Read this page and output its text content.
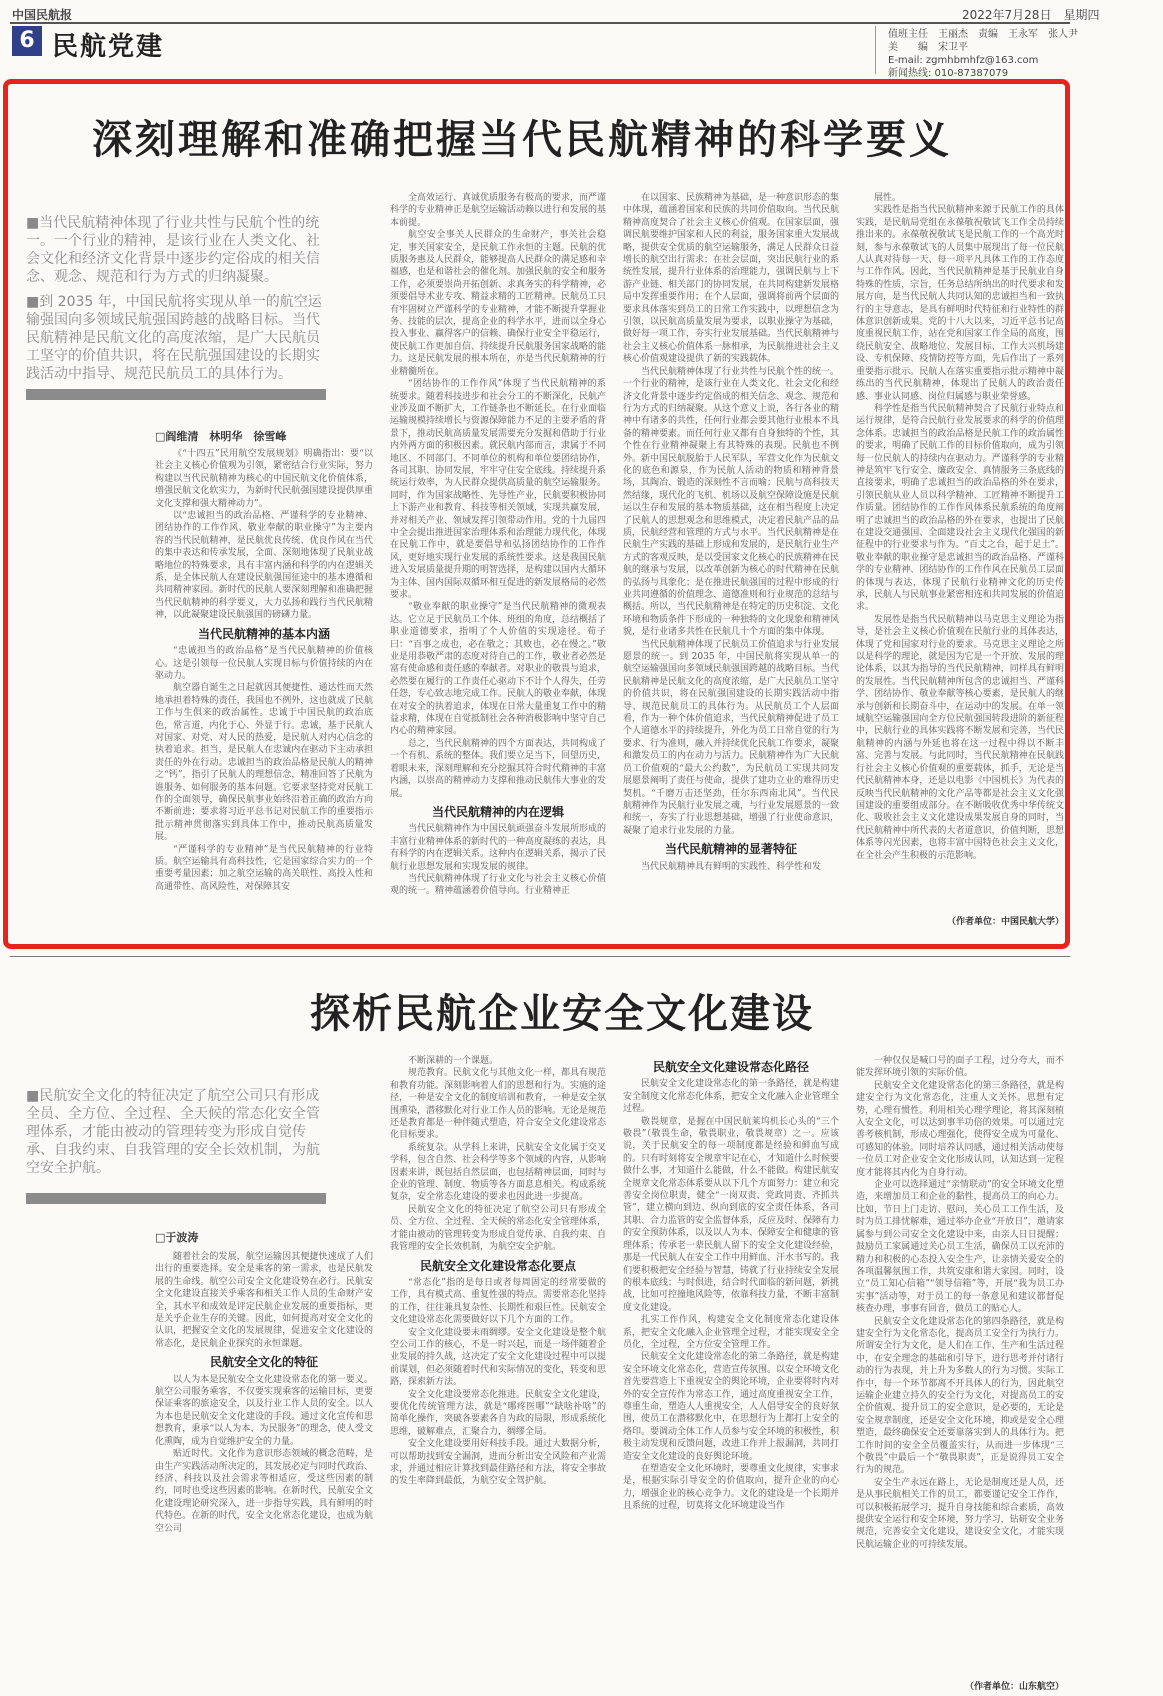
中国民航报	2022年7月28日　星期四
6 民航党建	值班主任　王丽杰　责编　王永军　张人尹
美　　编　宋卫平
E-mail: zgmhbmhfz@163.com
新闻热线: 010-87387079
深刻理解和准确把握当代民航精神的科学要义
■当代民航精神体现了行业共性与民航个性的统一。一个行业的精神，是该行业在人类文化、社会文化和经济文化背景中逐步约定俗成的相关信念、观念、规范和行为方式的归纳凝聚。
■到 2035 年，中国民航将实现从单一的航空运输强国向多领域民航强国跨越的战略目标。当代民航精神是民航文化的高度浓缩，是广大民航员工坚守的价值共识，将在民航强国建设的长期实践活动中指导、规范民航员工的具体行为。
□阎维清　林明华　徐雪峰

《“十四五”民用航空发展规划》明确指出：要“以社会主义核心价值观为引领，紧密结合行业实际，努力构建以当代民航精神为核心的中国民航文化价值体系，增强民航文化软实力，为新时代民航强国建设提供厚重文化支撑和强大精神动力”。

以“忠诚担当的政治品格、严谨科学的专业精神、团结协作的工作作风、敬业奉献的职业操守”为主要内容的当代民航精神，是民航优良传统、优良作风在当代的集中表达和传承发展，全面、深刻地体现了民航业战略地位的特殊要求，具有丰富内涵和科学的内在逻辑关系，是全体民航人在建设民航强国征途中的基本遵循和共同精神家园。新时代的民航人要深刻理解和准确把握当代民航精神的科学要义，大力弘扬和践行当代民航精神，以此凝聚建设民航强国的磅礴力量。

当代民航精神的基本内涵

“忠诚担当的政治品格”是当代民航精神的价值核心。这是引领每一位民航人实现目标与价值持续的内在驱动力。

航空器自诞生之日起就因其便捷性、通达性而天然地承担着特殊的责任，我国也不例外，这也就成了民航工作与生俱来的政治属性。忠诚于中国民航的政治底色，常言道，内化于心、外显于行。忠诚，基于民航人对国家、对党、对人民的热爱，是民航人对内心信念的执着追求。担当，是民航人在忠诚内在驱动下主动承担责任的外在行动。忠诚担当的政治品格是民航人的精神之“钙”，指引了民航人的理想信念，精准回答了民航为谁服务、如何服务的基本问题。它要求坚持党对民航工作的全面领导，确保民航事业始终沿着正确的政治方向不断前进；要求将习近平总书记对民航工作的重要指示批示精神贯彻落实到具体工作中，推动民航高质量发展。

“严谨科学的专业精神”是当代民航精神的行业特质。航空运输具有高科技性，它是国家综合实力的一个重要考量因素；加之航空运输的高关联性、高投入性和高通带性、高风险性，对保障其安

全高效运行、真诚优质服务有极高的要求，而严谨科学的专业精神正是航空运输活动赖以进行和发展的基本前提。

航空安全事关人民群众的生命财产，事关社会稳定，事关国家安全，是民航工作永恒的主题。民航的优质服务惠及人民群众，能够提高人民群众的满足感和幸福感，也是和谐社会的催化剂。加强民航的安全和服务工作，必须要崇尚开拓创新、求真务实的科学精神，必须要倡导术业专攻、精益求精的工匠精神。民航员工只有牢固树立严谨科学的专业精神，才能不断提升掌握业务、技能的层次，提高企业的科学水平，进而以全身心投入事业、赢得客户的信赖、确保行业安全平稳运行，使民航工作更加自信、持续提升民航服务国家战略的能力。这是民航发展的根本所在，亦是当代民航精神的行业精髓所在。

“团结协作的工作作风”体现了当代民航精神的系统要求。随着科技进步和社会分工的不断深化，民航产业涉及面不断扩大，工作链条也不断延长。在行业面临运输规模持续增长与资源保障能力不足的主要矛盾的背景下，推动民航高质量发展需要充分发掘和借助于行业内外两方面的积极因素。就民航内部而言，隶属于不同地区、不同部门、不同单位的机构和单位要团结协作，各司其职、协同发展，牢牢守住安全底线。持续提升系统运行效率，为人民群众提供高质量的航空运输服务。同时，作为国家战略性、先导性产业，民航要积极协同上下游产业和教育、科技等相关领域，实现共赢发展，并对相关产业、领域发挥引领带动作用。党的十九届四中全会提出推进国家治理体系和治理能力现代化，体现在民航工作中，就是要倡导和弘扬团结协作的工作作风，更好地实现行业发展的系统性要求。这是我国民航进入发展质量提升期的明智选择，是构建以国内大循环为主体、国内国际双循环相互促进的新发展格局的必然要求。

“敬业奉献的职业操守”是当代民航精神的微观表达。它立足于民航员工个体、班组的角度，总结概括了职业道德要求，指明了个人价值的实现途径。荀子曰：“百事之成也，必在敬之；其败也，必在慢之。”敬业是用恭敬严肃的态度对待自己的工作，敬业者必然是富有使命感和责任感的奉献者。对职业的敬畏与追求，必然要在履行的工作责任心驱动下不计个人得失，任劳任怨，专心致志地完成工作。民航人的敬业奉献，体现在对安全的执着追求，体现在日常大量重复工作中的精益求精，体现在自觉抵制社会各种消极影响中坚守自己内心的精神家园。

总之，当代民航精神的四个方面表达，共同构成了一个有机、系统的整体。我们要立足当下，回望历史，着眼未来，深刻理解和充分挖掘其符合时代精神的丰富内涵，以崇高的精神动力支撑和推动民航伟大事业的发展。

当代民航精神的内在逻辑

当代民航精神作为中国民航顽强奋斗发展所形成的丰富行业精神体系的新时代的一种高度凝练的表达，具有科学的内在逻辑关系。这种内在逻辑关系，揭示了民航行业思想发展和实现发展的规律。

当代民航精神体现了行业文化与社会主义核心价值观的统一。精神蕴涵着价值导向。行业精神正

在以国家、民族精神为基础，是一种意识形态的集中体现，蕴涵着国家和民族的共同价值取向。当代民航精神高度契合了社会主义核心价值观。在国家层面，强调民航要维护国家和人民的利益，服务国家重大发展战略，提供安全优质的航空运输服务，满足人民群众日益增长的航空出行需求；在社会层面，突出民航行业的系统性发展，提升行业体系的治理能力，强调民航与上下游产业链、相关部门的协同发展，在共同构建新发展格局中发挥重要作用；在个人层面，强调将前两个层面的要求具体落实到员工的日常工作实践中，以理想信念为引领，以民航高质量发展为要求，以职业操守为基础，做好每一项工作，夯实行业发展基础。当代民航精神与社会主义核心价值体系一脉相承，为民航推进社会主义核心价值观建设提供了新的实践载体。

当代民航精神体现了行业共性与民航个性的统一。一个行业的精神，是该行业在人类文化、社会文化和经济文化背景中逐步约定俗成的相关信念、观念、规范和行为方式的归纳凝聚。从这个意义上说，各行各业的精神中有诸多的共性，任何行业都会要其他行业根本不具备的精神要素。而任何行业又都有自身独特的个性，其个性在行业精神凝聚上有其特殊的表现。民航也不例外。新中国民航脱胎于人民军队，军营文化作为民航文化的底色和源泉，作为民航人活动的物质和精神背景场，其陶冶、锻造的深刻性不言而喻；民航与高科技天然结缘，现代化的飞机、机场以及航空保障设施是民航运以生存和发展的基本物质基础，这在相当程度上决定了民航人的思想观念和思维模式，决定着民航产品的品质，民航经营和管理的方式与水平。当代民航精神是在民航生产实践的基础上形成和发展的，是民航行业生产方式的客观反映，是以受国家文化核心的民族精神在民航的继承与发展，以改革创新为核心的时代精神在民航的弘扬与具象化；是在推进民航强国的过程中形成的行业共同遵循的价值理念、道德准则和行业规范的总结与概括。所以，当代民航精神是在特定的历史积淀、文化环境和物质条件下形成的一种独特的文化现象和精神风貌，是行业诸多共性在民航几十个方面的集中体现。

当代民航精神体现了民航员工价值追求与行业发展愿景的统一。到 2035 年，中国民航将实现从单一的航空运输强国向多领域民航强国跨越的战略目标。当代民航精神是民航文化的高度浓缩，是广大民航员工坚守的价值共识，将在民航强国建设的长期实践活动中指导、规范民航员工的具体行为。从民航员工个人层面看，作为一种个体价值追求，当代民航精神促进了员工个人道德水平的持续提升，外化为员工日常自觉的行为要求、行为准则，融入并持续优化民航工作要求，凝聚和激发员工的内在动力与活力。民航精神作为广大民航员工价值观的“最大公约数”，为民航员工实现共同发展愿景阐明了责任与使命，提供了建功立业的难得历史契机。“千磨万击还坚劲，任尔东西南北风”。当代民航精神作为民航行业发展之魂，与行业发展愿景的一致和统一，夯实了行业思想基础，增强了行业使命意识，凝聚了追求行业发展的力量。

当代民航精神的显著特征

当代民航精神具有鲜明的实践性、科学性和发

展性。

实践性是指当代民航精神来源于民航工作的具体实践，是民航局党组在永葆敬祝敬试飞工作全员持续推出来的。永葆敬祝敬试飞是民航工作的一个高光时刻，参与永葆敬试飞的人员集中展现出了每一位民航人认真对待每一天、每一项平凡具体工作的工作态度与工作作风。因此，当代民航精神是基于民航业自身特殊的性质，宗旨，任务总结所纳出的时代要求和发展方向，是当代民航人共同认知的忠诚担当和一致执行的主导意志，是具有鲜明时代特征和行业特性的群体意识创新成果。党的十八大以来，习近平总书记高度重视民航工作，站在党和国家工作全局的高度，围绕民航安全、战略地位、发展目标、工作大兴机场建设、专机保障、疫情防控等方面，先后作出了一系列重要指示批示。民航人在落实重要指示批示精神中凝练出的当代民航精神，体现出了民航人的政治责任感、事业认同感、岗位归属感与职业荣誉感。

科学性是指当代民航精神契合了民航行业特点和运行规律，是符合民航行业发展要求的科学的价值理念体系。忠诚担当的政治品格是民航工作的政治属性的要求，明确了民航工作的目标价值取向，成为引领每一位民航人的持续内在驱动力。严谨科学的专业精神是筑牢飞行安全、廉政安全、真情服务三条底线的直接要求，明确了忠诚担当的政治品格的外在要求，引领民航从业人员以科学精神、工匠精神不断提升工作质量。团结协作的工作作风体系民航系统的角度阐明了忠诚担当的政治品格的外在要求，也提出了民航在建设交通强国、全面建设社会主义现代化强国的新征程中的行业要求与作为。“百丈之台，起于足土”。敬业奉献的职业操守是忠诚担当的政治品格、严谨科学的专业精神、团结协作的工作作风在民航员工层面的体现与表达，体现了民航行业精神文化的历史传承，民航人与民航事业紧密相连和共同发展的价值追求。

发展性是指当代民航精神以马克思主义理论为指导，是社会主义核心价值观在民航行业的具体表达，体现了党和国家对行业的要求。马克思主义理论之所以是科学的理论，就是因为它是一个开放、发展的理论体系，以其为指导的当代民航精神，同样具有鲜明的发展性。当代民航精神所包含的忠诚担当、严谨科学、团结协作、敬业奉献等核心要素，是民航人的继承与创新和长期奋斗中，在运动中的发展。在单一领域航空运输强国向全方位民航强国转段进阶的新征程中，民航行业的具体实践将不断发展和完善，当代民航精神的内涵与外延也将在这一过程中得以不断丰富、完善与发展。与此同时，当代民航精神在民航践行社会主义核心价值观的重要载体，抓手，无论是当代民航精神本身，还是以电影《中国机长》为代表的反映当代民航精神的文化产品等都是社会主义文化强国建设的重要组成部分。在不断吸收优秀中华传统文化、吸收社会主义文化建设成果发展自身的同时，当代民航精神中所代表的大者道意识，价值判断，思想体系等闪光因素，也将丰富中国特色社会主义文化，在全社会产生积极的示范影响。

（作者单位：中国民航大学）
探析民航企业安全文化建设
■民航安全文化的特征决定了航空公司只有形成全员、全方位、全过程、全天候的常态化安全管理体系，才能由被动的管理转变为形成自觉传承、自我约束、自我管理的安全长效机制，为航空安全护航。
□于波涛

随着社会的发展，航空运输因其便捷快速成了人们出行的重要选择。安全是乘客的第一需求，也是民航发展的生命线。航空公司安全文化建设势在必行。民航安全文化建设直接关乎乘客和相关工作人员的生命财产安全，其水平和成效是评定民航企业发展的重要指标，更是关乎企业生存的关键。因此，如何提高对安全文化的认识，把握安全文化的发展规律，促进安全文化建设的常态化，是民航企业探究的永恒课题。

民航安全文化的特征

以人为本是民航安全文化建设常态化的第一要义。航空公司服务乘客，不仅要实现乘客的运输目标，更要保证乘客的旅途安全，以及行业工作人员的安全。以人为本也是民航安全文化建设的手段。通过文化宣传和思想教育，秉承“以人为本、为民服务”的理念，使人受文化熏陶，成为自觉维护安全的力量。

贴近时代。文化作为意识形态领域的概念范畴，是由生产实践活动所决定的，其发展必定与同时代政治、经济、科技以及社会需求等相适应，受这些因素的制约，同时也受这些因素的影响。在新时代，民航安全文化建设理论研究深入，进一步指导实践，具有鲜明的时代特色。在新的时代，安全文化常态化建设，也成为航空公司

不断深耕的一个课题。

规范教育。民航文化与其他文化一样，都具有规范和教育功能。深刻影响着人们的思想和行为。实施的途径，一种是安全文化的制度培训和教育，一种是安全氛围熏染，潜移默化对行业工作人员的影响。无论是规范还是教育都是一种伴随式塑造，符合安全文化建设常态化目标要求。

系统复杂。从学科上来讲，民航安全文化属于交叉学科，包含自然、社会科学等多个领域的内容，从影响因素来讲，既包括自然层面，也包括精神层面，同时与企业的管理、制度、物质等各方面息息相关。构成系统复杂，安全常态化建设的要求也因此进一步提高。

民航安全文化的特征决定了航空公司只有形成全员、全方位、全过程、全天候的常态化安全管理体系，才能由被动的管理转变为形成自觉传承、自我约束、自我管理的安全长效机制，为航空安全护航。

民航安全文化建设常态化要点

“常态化”指的是每日或者每周固定的经常要做的工作，具有模式高、重复性强的特点。需要常态化坚持的工作，往往兼具复杂性、长期性和艰巨性。民航安全文化建设常态化需要做好以下几个方面的工作。

安全文化建设要未雨绸缪。安全文化建设是整个航空公司工作的核心，不是一时兴起，而是一场伴随着企业发展的持久战，这决定了安全文化建设过程中可以提前谋划，但必须随着时代和实际情况的变化，转变和思路，探索新方法。

安全文化建设要常态化推进。民航安全文化建设，要优化传统管理方法，就是“哪疼医哪”“缺啥补啥”的简单化操作，突破各要素各自为政的局限，形成系统化思维，破解难点，汇聚合力，绸缪全局。

安全文化建设要用好科技手段。通过大数据分析，可以帮助找到安全漏洞，进而分析出安全风险和产业需求，并通过相应计算找到最佳路径和方法，将安全事故的发生率降到最低，为航空安全驾护航。

民航安全文化建设常态化路径

民航安全文化建设常态化的第一条路径，就是构建安全制度文化常态化体系，把安全文化融入企业管理全过程。

敬畏规章，是握在中国民航莱坞机长心头的“三个敬畏”（敬畏生命，敬畏职业，敬畏规章）之一。应该说，关于民航安全的每一项制度都是经验和鲜血写成的。只有时刻将安全规章牢记在心，才知道什么时候要做什么事，才知道什么能做，什么不能做。构建民航安全规章文化常态体系要从以下几个方面努力：建立和完善安全岗位职责，健全“一岗双责、党政同责、齐抓共管”，建立横向到边、纵向到底的安全责任体系，各司其职、合力监管的安全监督体系，反应及时、保障有力的安全预防体系，以及以人为本、保障安全和健康的管理体系；传承老一辈民航人留下的安全文化建设经验，那是一代民航人在安全工作中用鲜血、汗水书写的。我们要积极把安全经验与智慧，铸就了行业持续安全发展的根本底线；与时俱进，结合时代面临的新问题，新挑战，比如可控撞地风险等，依靠科技力量，不断丰富制度文化建设。

扎实工作作风，构建安全文化制度常态化建设体系，把安全文化融入企业管理全过程，才能实现安全全员化，全过程，全方位安全管理工作。

民航安全文化建设常态化的第二条路径，就是构建安全环境文化常态化，营造宣传氛围。以安全环境文化首先要营造上下重视安全的舆论环境，企业要将时内对外的安全宣传作为常态工作，通过高度重视安全工作，尊重生命，塑造人人重视安全，人人倡导安全的良好氛围，使员工在潜移默化中，在思想行为上都打上安全的烙印。要调动全体工作人员参与安全环境的积极性，积极主动发现和反馈问题，改进工作并上报漏洞，共同打造安全文化建设的良好舆论环境。

在塑造安全文化环境时，要尊重文化规律，实事求是，根据实际引导安全的价值取向，提升企业的向心力，增强企业的核心竞争力。文化的建设是一个长期并且系统的过程，切莫将文化环境建设当作

一种仅仅是喊口号的面子工程，过分夸大，而不能发挥环境引领的实际价值。

民航安全文化建设常态化的第三条路径，就是构建安全行为文化常态化，注重人文关怀。思想有定势，心理有惯性。利用相关心理学理论，将其深刻植入安全文化，可以达到事半功倍的效果。可以通过完善考核机制，形成心理强化，使得安全成为可量化、可感知的体验。同时培养认同感，通过相关活动使每一位员工对企业安全文化形成认同，认知达到一定程度才能将其内化为自身行动。

企业可以选择通过“亲情联动”的安全环境文化塑造，来增加员工和企业的黏性，提高员工的向心力。比如，节日上门走访、慰问，关心员工工作生活，及时为员工排忧解难，通过举办企业“开放日”，邀请家属参与到公司安全文化建设中来，由亲人日日提醒；鼓励员工家属通过关心员工生活，确保员工以充沛的精力和积极的心态投入安全生产，让亲情关爱安全的各项温馨氛围工作，共筑安康和谐大家园。同时，设立“员工知心信箱”“领导信箱”等，开展“我为员工办实事”活动等，对于员工的每一条意见和建议都督促核查办理，事事有回音，做员工的贴心人。

民航安全文化建设常态化的第四条路径，就是构建安全行为文化常态化，提高员工安全行为执行力。所谓安全行为文化，是人们在工作、生产和生活过程中，在安全理念的基础和引导下，进行思考并付诸行动的行为表现，并上升为多数人的行为习惯。实际工作中，每一个环节都离不开具体人的行为，因此航空运输企业建立持久的安全行为文化，对提高员工的安全价值观、提升员工的安全意识，是必要的，无论是安全规章制度，还是安全文化环境，抑或是安全心理塑造，最终确保安全还要靠落实到人的具体行为。把工作时间的安全全员覆盖实行，从而进一步体现“三个敬畏”中最后一个“敬畏职责”，正是说得员工安全行为的规范。

安全生产永远在路上，无论是制度还是人员，还是从事民航相关工作的员工，都要谨记安全工作作，可以积极拓展学习，提升自身技能和综合素质，高效提供安全运行和安全环境，努力学习，钻研安全业务规范，完善安全文化建设，建设安全文化，才能实现民航运输企业的可持续发展。

（作者单位：山东航空）
